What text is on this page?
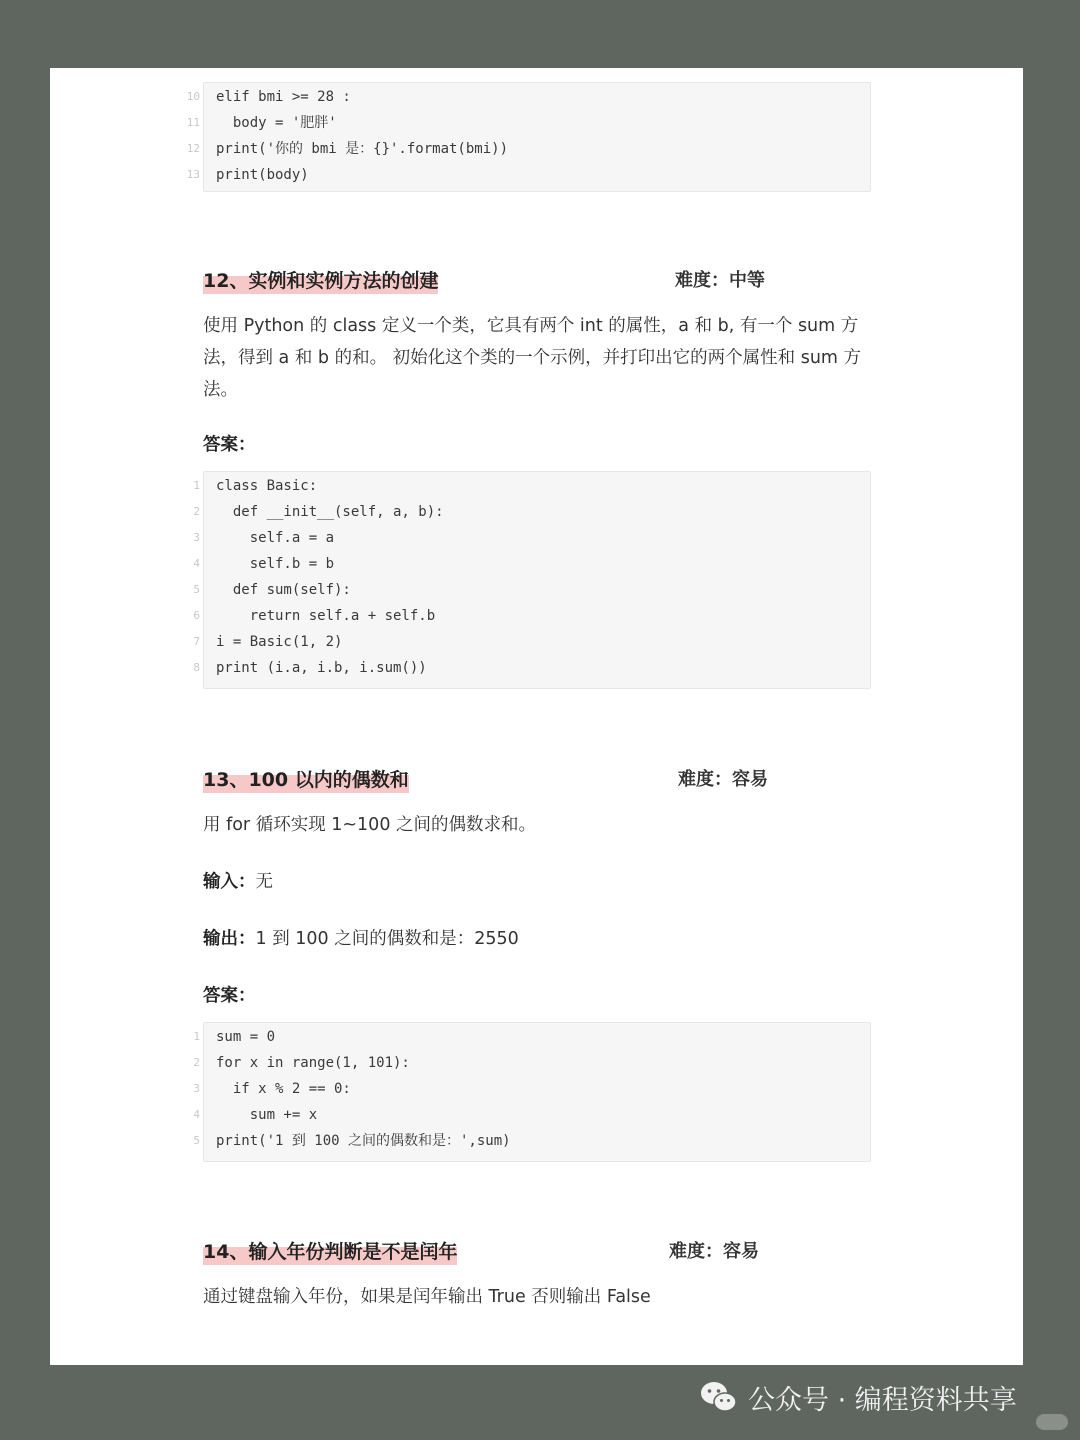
10 elif bmi >= 28 :
11 body = '肥胖'
12 print('你的 bmi 是：{}'.format(bmi))
13 print(body)
12、实例和实例方法的创建	难度：中等
使用 Python 的 class 定义一个类，它具有两个 int 的属性，a 和 b, 有一个 sum 方法，得到 a 和 b 的和。 初始化这个类的一个示例，并打印出它的两个属性和 sum 方法。
答案：
1 class Basic:
2 def __init__(self, a, b):
3 self.a = a
4 self.b = b
5 def sum(self):
6 return self.a + self.b
7 i = Basic(1, 2)
8 print (i.a, i.b, i.sum())
13、100 以内的偶数和	难度：容易
用 for 循环实现 1~100 之间的偶数求和。
输入：无
输出：1 到 100 之间的偶数和是：2550
答案：
1 sum = 0
2 for x in range(1, 101):
3 if x % 2 == 0:
4 sum += x
5 print('1 到 100 之间的偶数和是：',sum)
14、输入年份判断是不是闰年	难度：容易
通过键盘输入年份，如果是闰年输出 True 否则输出 False
公众号 · 编程资料共享
